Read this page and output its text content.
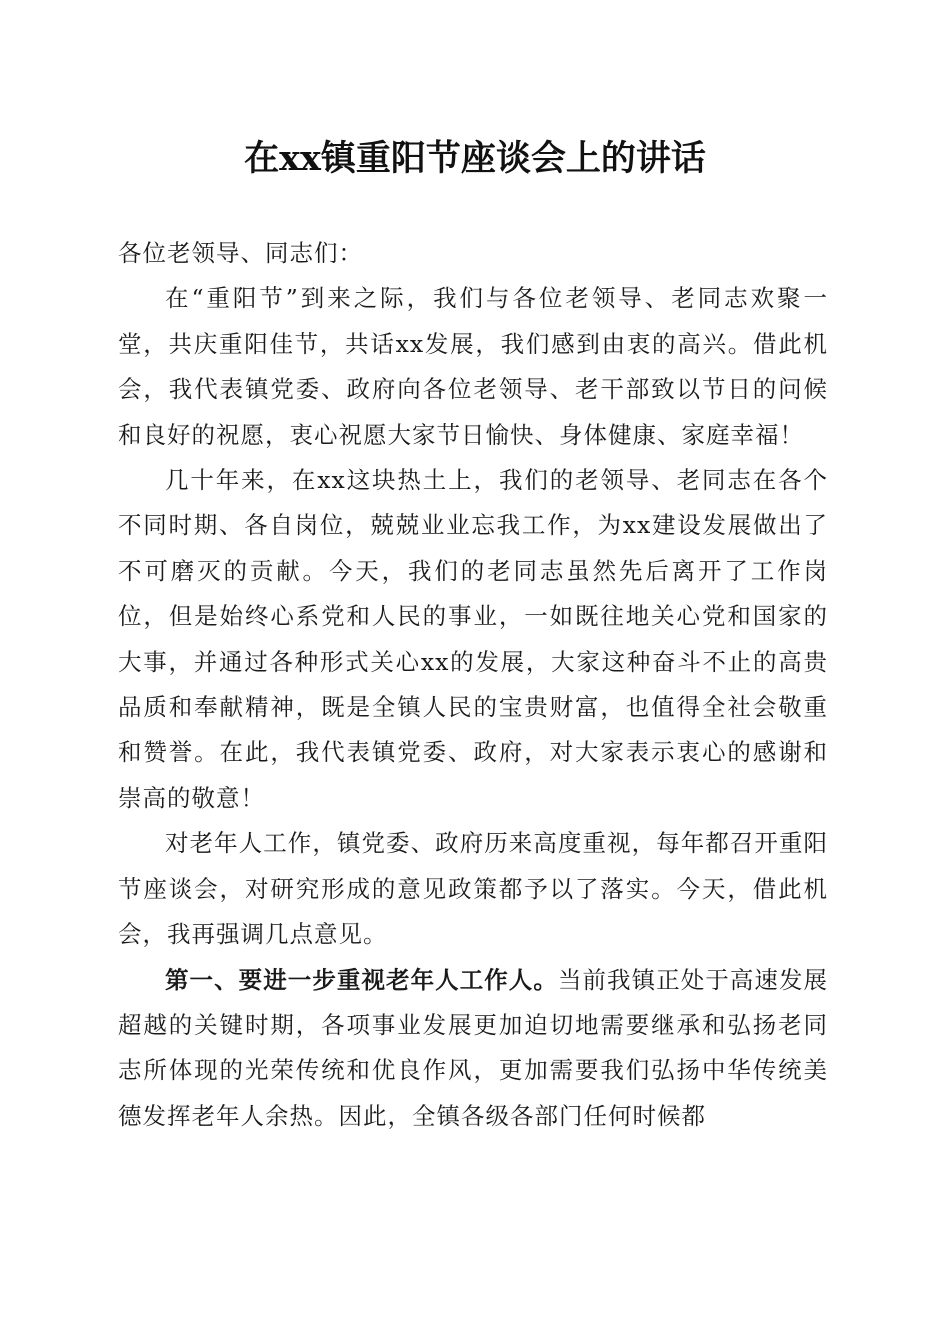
在xx镇重阳节座谈会上的讲话

各位老领导、同志们：

在“重阳节”到来之际，我们与各位老领导、老同志欢聚一堂，共庆重阳佳节，共话xx发展，我们感到由衷的高兴。借此机会，我代表镇党委、政府向各位老领导、老干部致以节日的问候和良好的祝愿，衷心祝愿大家节日愉快、身体健康、家庭幸福！

几十年来，在xx这块热土上，我们的老领导、老同志在各个不同时期、各自岗位，兢兢业业忘我工作，为xx建设发展做出了不可磨灭的贡献。今天，我们的老同志虽然先后离开了工作岗位，但是始终心系党和人民的事业，一如既往地关心党和国家的大事，并通过各种形式关心xx的发展，大家这种奋斗不止的高贵品质和奉献精神，既是全镇人民的宝贵财富，也值得全社会敬重和赞誉。在此，我代表镇党委、政府，对大家表示衷心的感谢和崇高的敬意！

对老年人工作，镇党委、政府历来高度重视，每年都召开重阳节座谈会，对研究形成的意见政策都予以了落实。今天，借此机会，我再强调几点意见。

第一、要进一步重视老年人工作人。当前我镇正处于高速发展超越的关键时期，各项事业发展更加迫切地需要继承和弘扬老同志所体现的光荣传统和优良作风，更加需要我们弘扬中华传统美德发挥老年人余热。因此，全镇各级各部门任何时候都
